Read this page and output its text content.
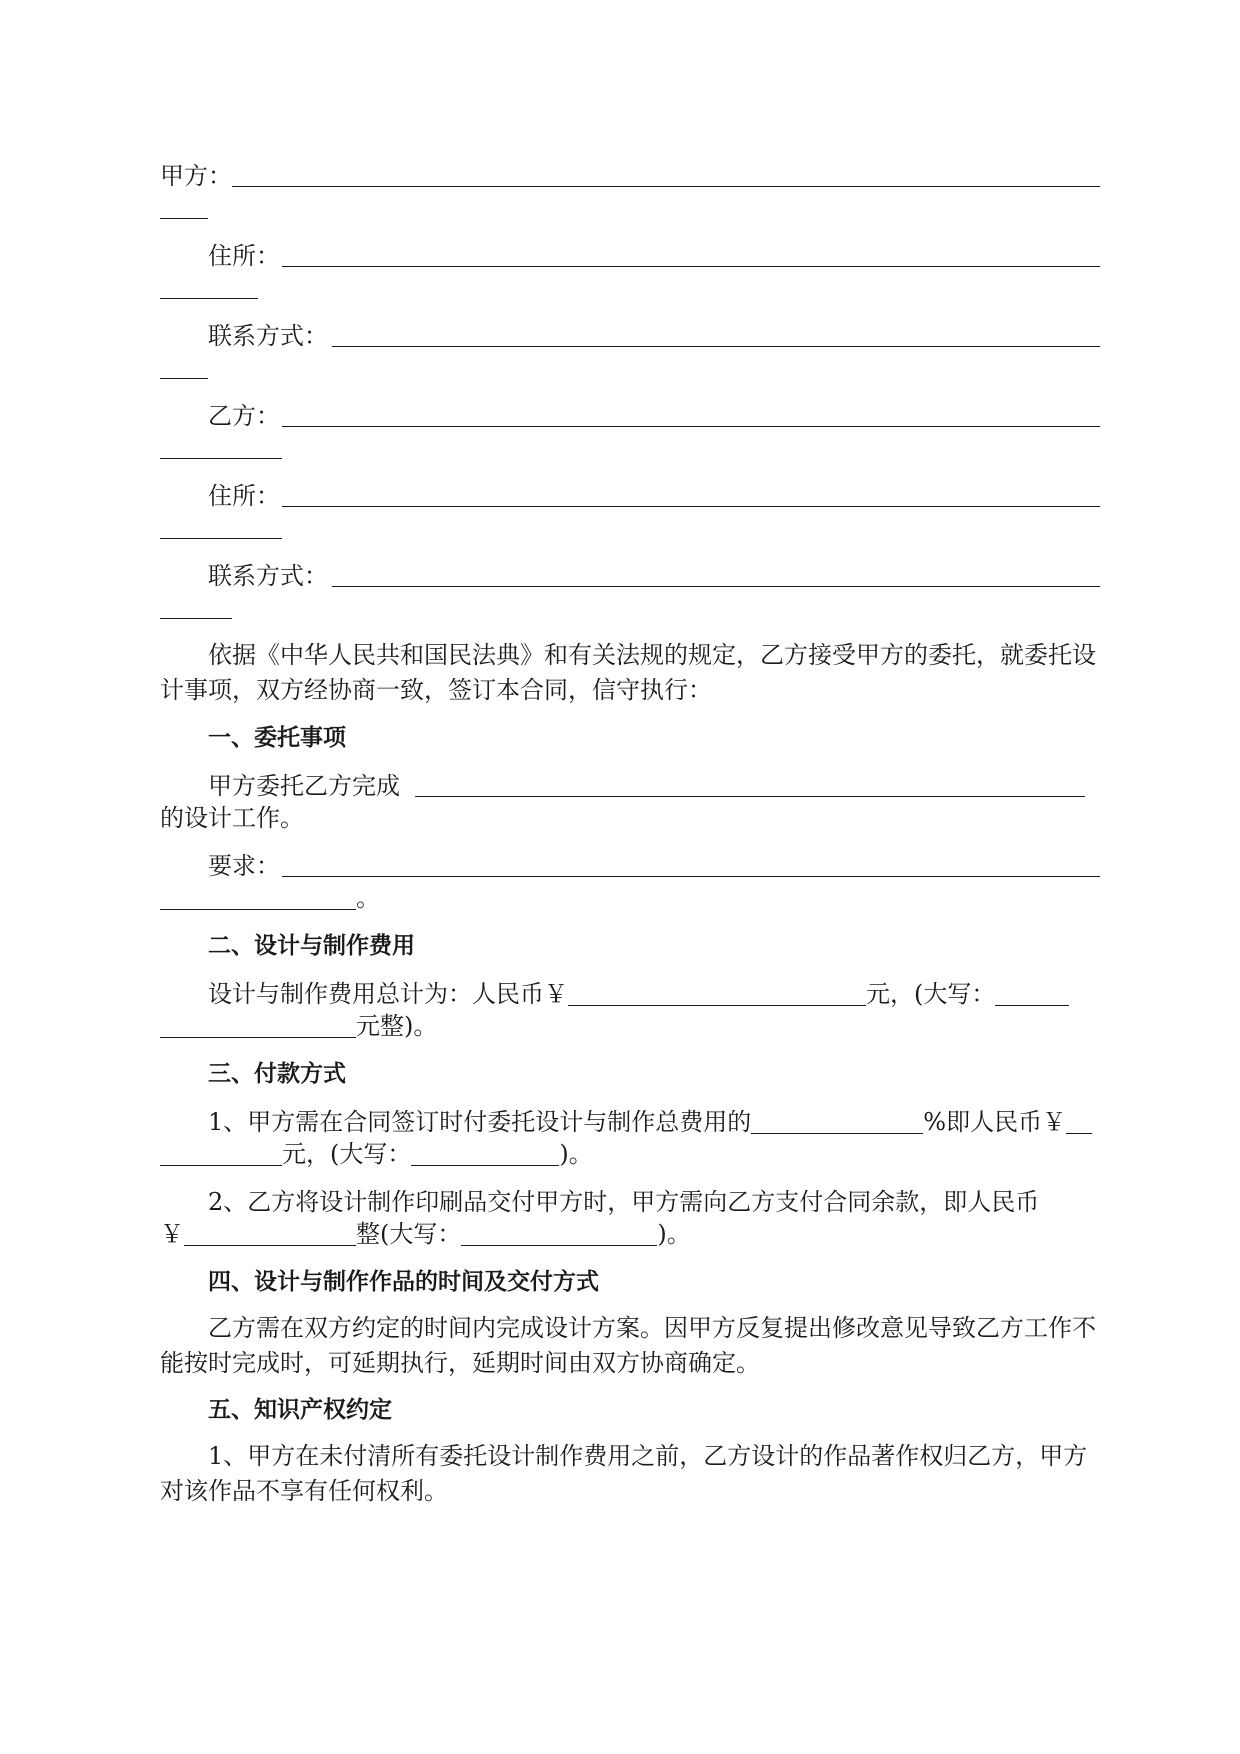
甲方：
住所：
联系方式：
乙方：
住所：
联系方式：
依据《中华人民共和国民法典》和有关法规的规定，乙方接受甲方的委托，就委托设计事项，双方经协商一致，签订本合同，信守执行：
一、委托事项
甲方委托乙方完成
的设计工作。
要求：
。
二、设计与制作费用
设计与制作费用总计为：人民币￥	元，(大写：
元整)。
三、付款方式
1、甲方需在合同签订时付委托设计与制作总费用的	%即人民币￥
元，(大写：	)。
2、乙方将设计制作印刷品交付甲方时，甲方需向乙方支付合同余款，即人民币
￥	整(大写：	)。
四、设计与制作作品的时间及交付方式
乙方需在双方约定的时间内完成设计方案。因甲方反复提出修改意见导致乙方工作不能按时完成时，可延期执行，延期时间由双方协商确定。
五、知识产权约定
1、甲方在未付清所有委托设计制作费用之前，乙方设计的作品著作权归乙方，甲方对该作品不享有任何权利。
